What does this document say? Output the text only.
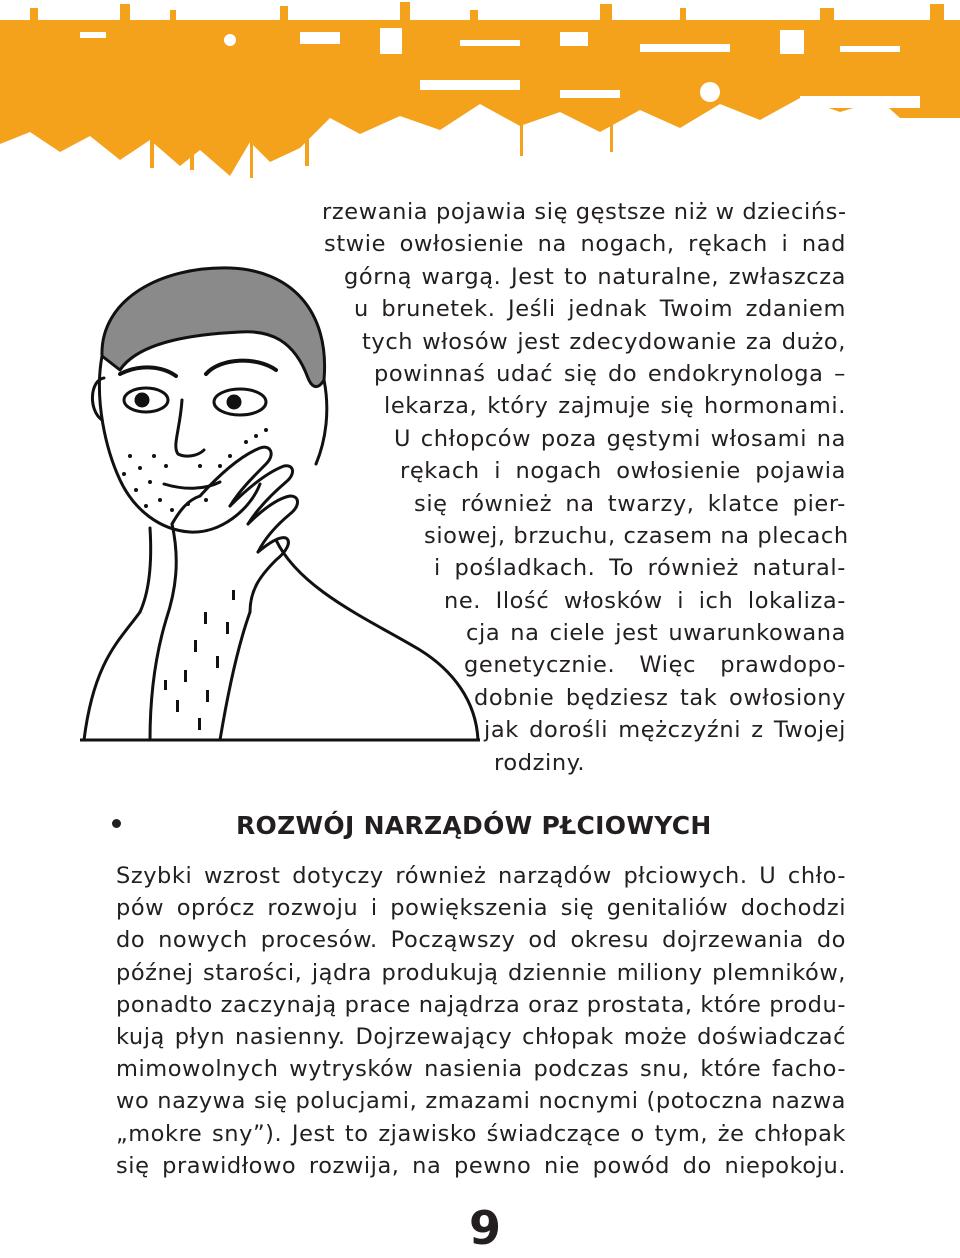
rzewania pojawia się gęstsze niż w dziecińs-
stwie owłosienie na nogach, rękach i nad
górną wargą. Jest to naturalne, zwłaszcza
u brunetek. Jeśli jednak Twoim zdaniem
tych włosów jest zdecydowanie za dużo,
powinnaś udać się do endokrynologa –
lekarza, który zajmuje się hormonami.
U chłopców poza gęstymi włosami na
rękach i nogach owłosienie pojawia
się również na twarzy, klatce pier-
siowej, brzuchu, czasem na plecach
i pośladkach. To również natural-
ne. Ilość włosków i ich lokaliza-
cja na ciele jest uwarunkowana
genetycznie. Więc prawdopo-
dobnie będziesz tak owłosiony
jak dorośli mężczyźni z Twojej
rodziny.
ROZWÓJ NARZĄDÓW PŁCIOWYCH
Szybki wzrost dotyczy również narządów płciowych. U chło-
pów oprócz rozwoju i powiększenia się genitaliów dochodzi
do nowych procesów. Począwszy od okresu dojrzewania do
późnej starości, jądra produkują dziennie miliony plemników,
ponadto zaczynają prace najądrza oraz prostata, które produ-
kują płyn nasienny. Dojrzewający chłopak może doświadczać
mimowolnych wytrysków nasienia podczas snu, które facho-
wo nazywa się polucjami, zmazami nocnymi (potoczna nazwa
„mokre sny”). Jest to zjawisko świadczące o tym, że chłopak
się prawidłowo rozwija, na pewno nie powód do niepokoju.
9
